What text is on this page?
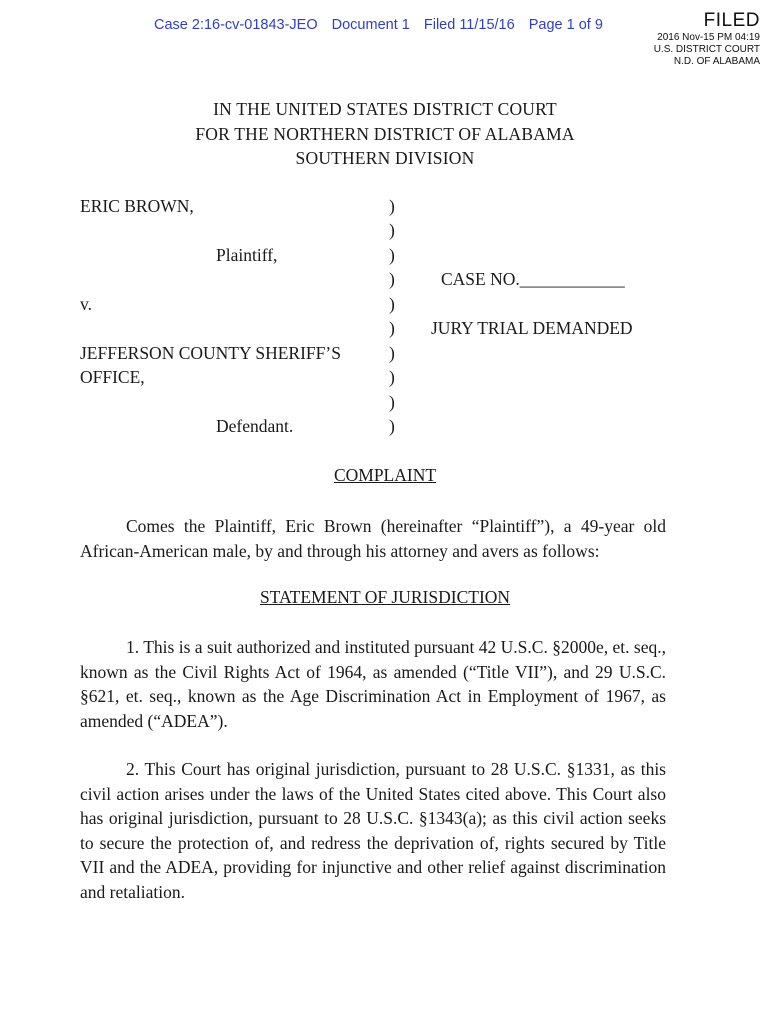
Case 2:16-cv-01843-JEO Document 1 Filed 11/15/16 Page 1 of 9	FILED
2016 Nov-15 PM 04:19
U.S. DISTRICT COURT
N.D. OF ALABAMA
IN THE UNITED STATES DISTRICT COURT
FOR THE NORTHERN DISTRICT OF ALABAMA
SOUTHERN DIVISION
ERIC BROWN,
Plaintiff,
v.
JEFFERSON COUNTY SHERIFF’S
OFFICE,
Defendant.
)
)
)
)
)
)
)
)
)
)
CASE NO.____________
JURY TRIAL DEMANDED
COMPLAINT

Comes the Plaintiff, Eric Brown (hereinafter “Plaintiff”), a 49-year old African-American male, by and through his attorney and avers as follows:

STATEMENT OF JURISDICTION

1. This is a suit authorized and instituted pursuant 42 U.S.C. §2000e, et. seq., known as the Civil Rights Act of 1964, as amended (“Title VII”), and 29 U.S.C. §621, et. seq., known as the Age Discrimination Act in Employment of 1967, as amended (“ADEA”).

2. This Court has original jurisdiction, pursuant to 28 U.S.C. §1331, as this civil action arises under the laws of the United States cited above. This Court also has original jurisdiction, pursuant to 28 U.S.C. §1343(a); as this civil action seeks to secure the protection of, and redress the deprivation of, rights secured by Title VII and the ADEA, providing for injunctive and other relief against discrimination and retaliation.
